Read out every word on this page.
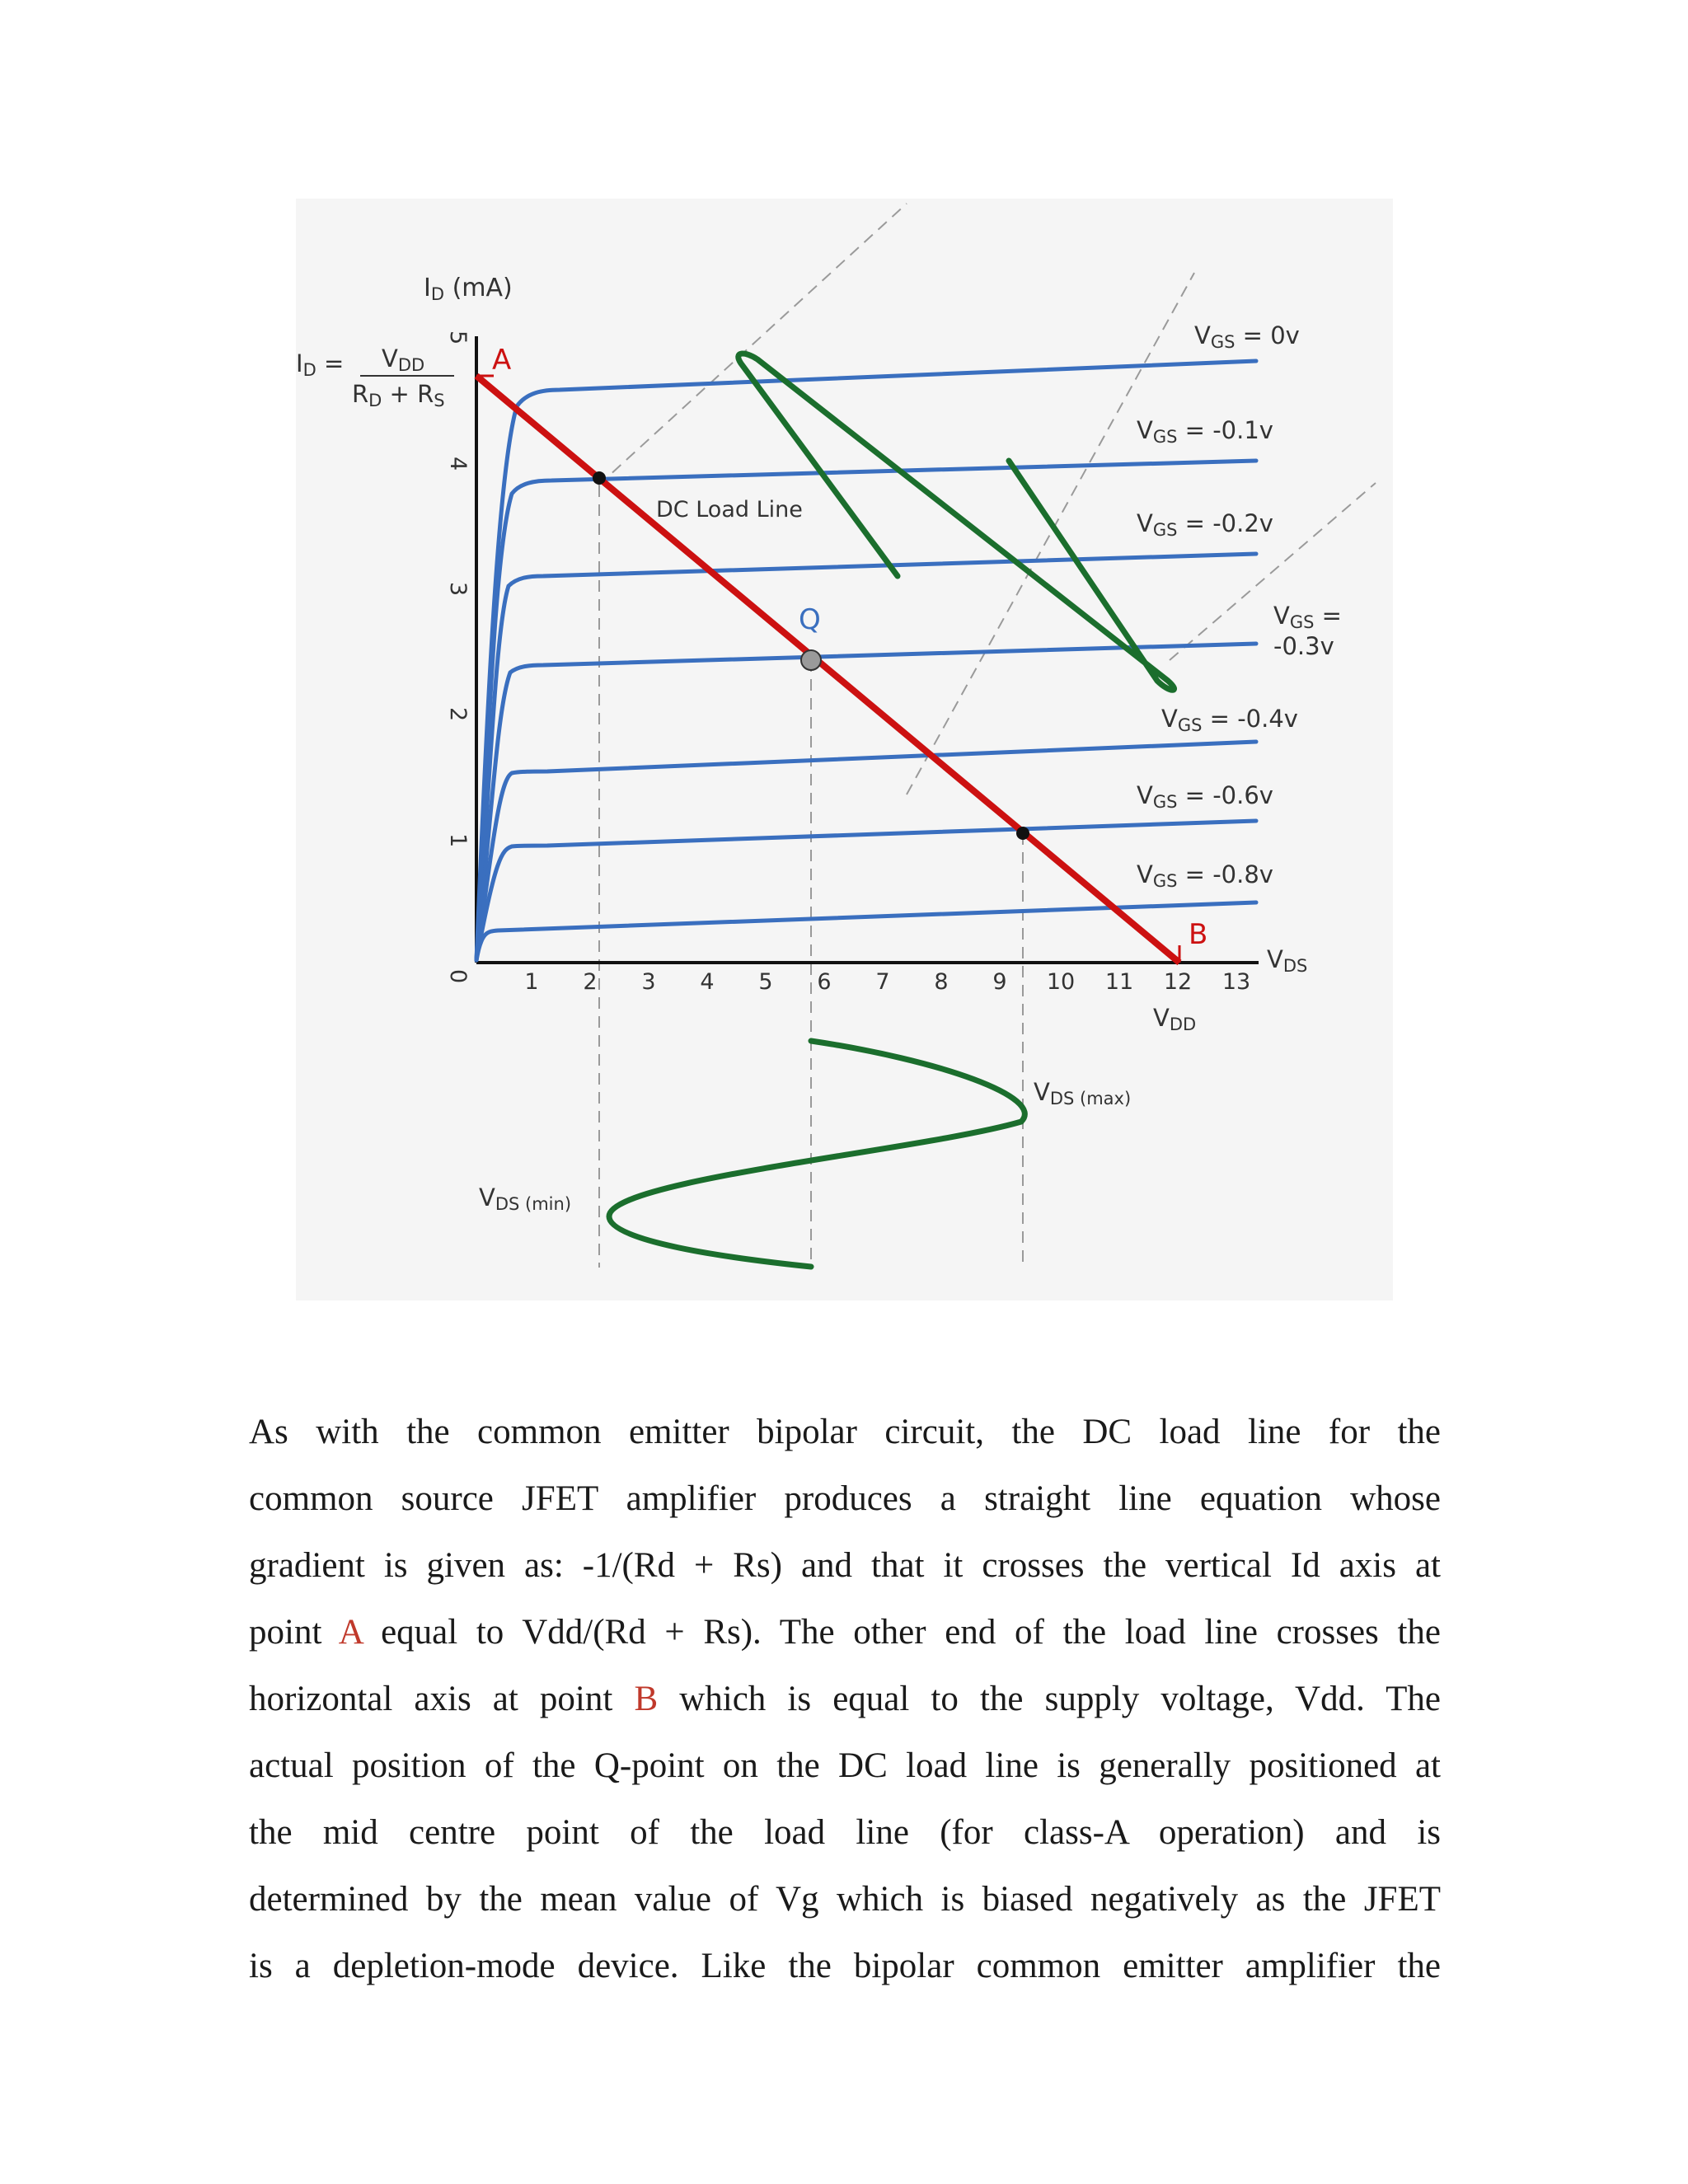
ID (mA)
0
1
2
3
4
5
1 2 3 4 5 6 7 8 9 10 11 12 13
VDS
VDD
ID = VDD
RD + RS
A
B
Q
DC Load Line
VGS = 0v
VGS = -0.1v
VGS = -0.2v
VGS =
-0.3v
VGS = -0.4v
VGS = -0.6v
VGS = -0.8v
VDS (max)
VDS (min)
As with the common emitter bipolar circuit, the DC load line for the
common source JFET amplifier produces a straight line equation whose
gradient is given as: -1/(Rd + Rs) and that it crosses the vertical Id axis at
point A equal to Vdd/(Rd + Rs). The other end of the load line crosses the
horizontal axis at point B which is equal to the supply voltage, Vdd. The
actual position of the Q-point on the DC load line is generally positioned at
the mid centre point of the load line (for class-A operation) and is
determined by the mean value of Vg which is biased negatively as the JFET
is a depletion-mode device. Like the bipolar common emitter amplifier the
